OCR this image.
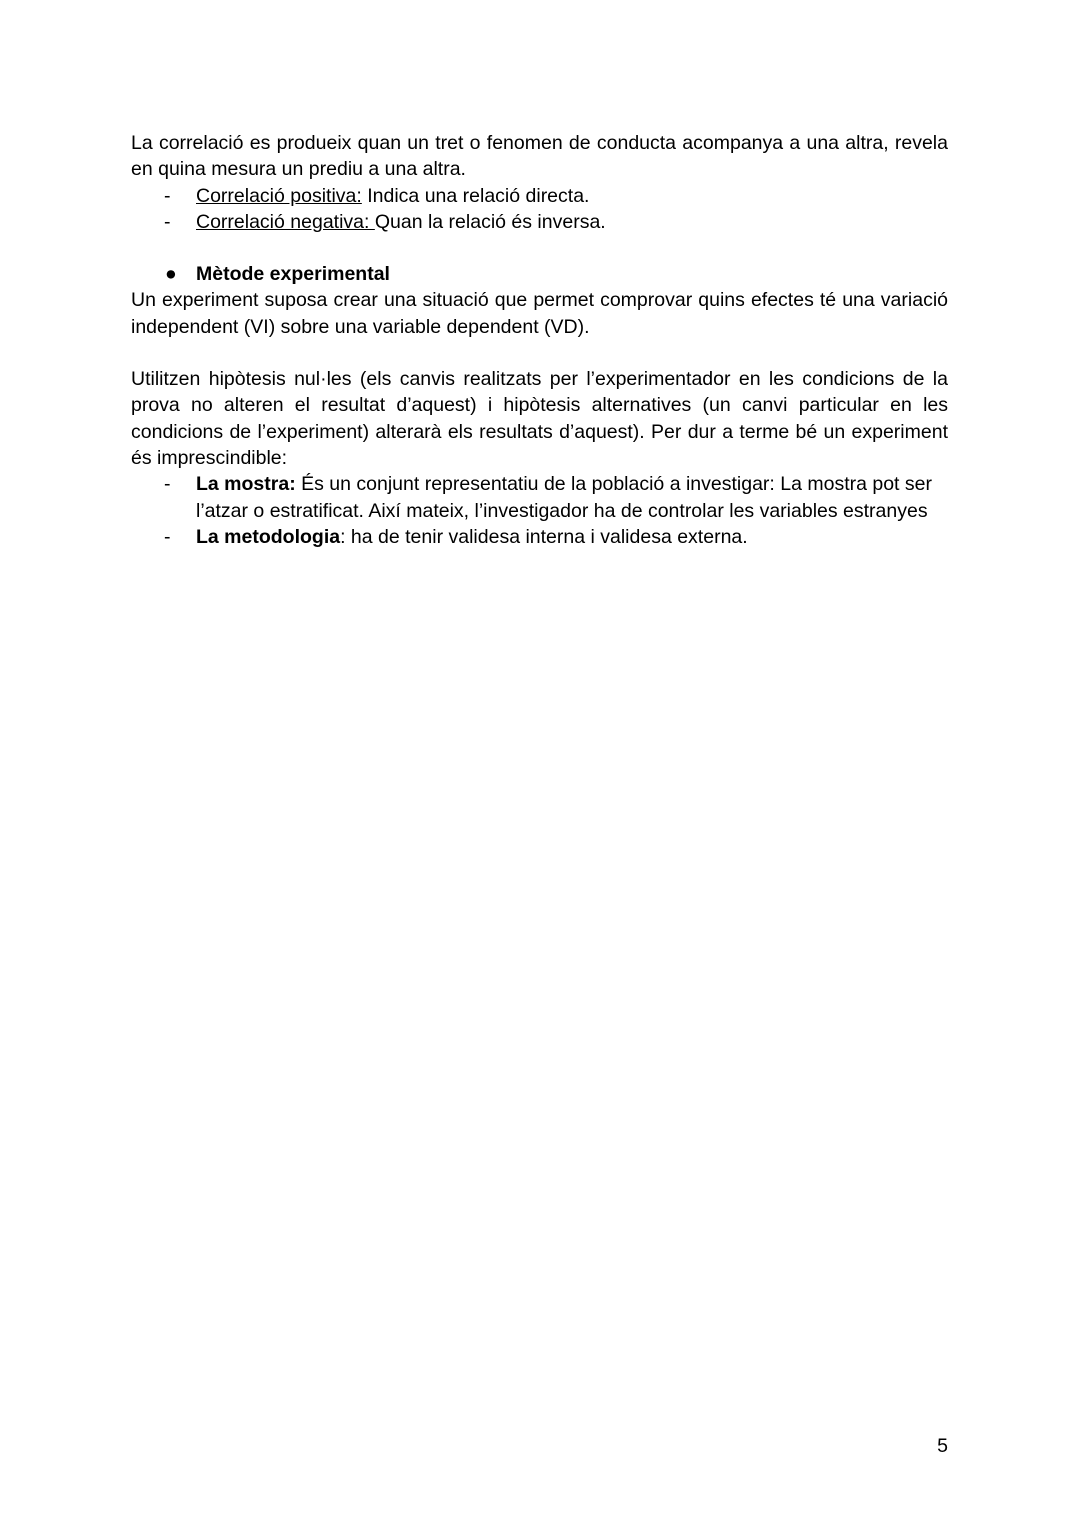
La correlació es produeix quan un tret o fenomen de conducta acompanya a una altra, revela en quina mesura un prediu a una altra.

- Correlació positiva: Indica una relació directa.
- Correlació negativa: Quan la relació és inversa.
● Mètode experimental

Un experiment suposa crear una situació que permet comprovar quins efectes té una variació independent (VI) sobre una variable dependent (VD).

Utilitzen hipòtesis nul·les (els canvis realitzats per l’experimentador en les condicions de la prova no alteren el resultat d’aquest) i hipòtesis alternatives (un canvi particular en les condicions de l’experiment) alterarà els resultats d’aquest). Per dur a terme bé un experiment és imprescindible:

- La mostra: És un conjunt representatiu de la població a investigar: La mostra pot ser l’atzar o estratificat. Així mateix, l’investigador ha de controlar les variables estranyes
- La metodologia: ha de tenir validesa interna i validesa externa.
5
